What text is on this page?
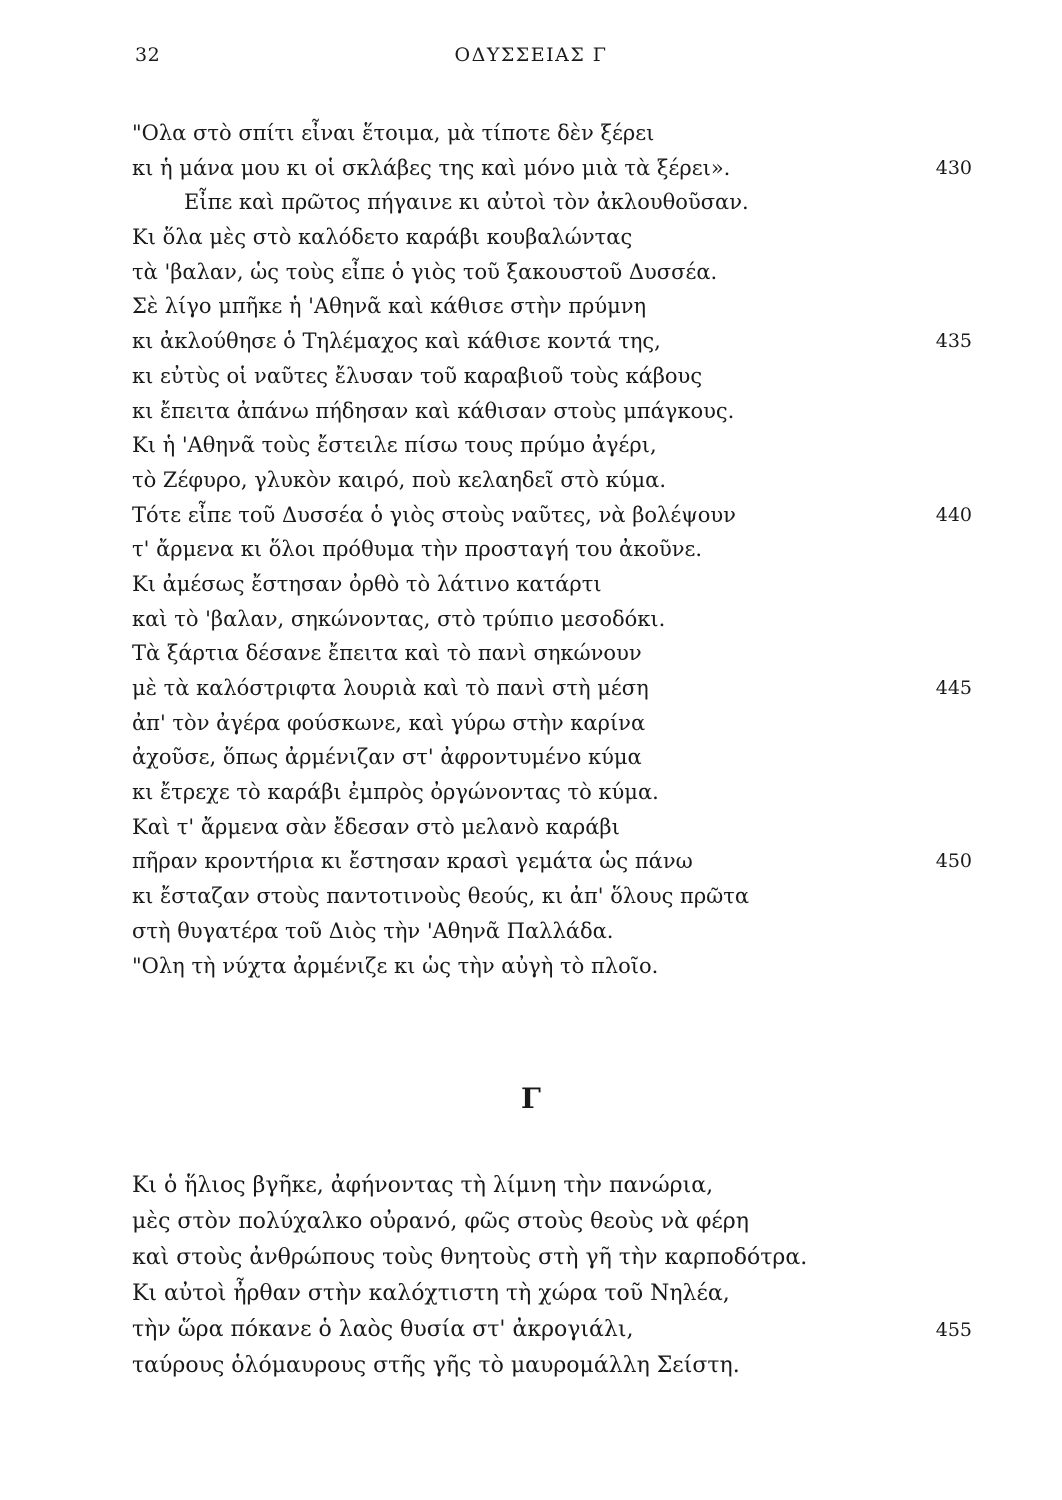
32	ΟΔΥΣΣΕΙΑΣ Γ
"Ολα στὸ σπίτι εἶναι ἕτοιμα, μὰ τίποτε δὲν ξέρει
κι ἡ μάνα μου κι οἱ σκλάβες της καὶ μόνο μιὰ τὰ ξέρει».	430
Εἶπε καὶ πρῶτος πήγαινε κι αὐτοὶ τὸν ἀκλουθοῦσαν.
Κι ὅλα μὲς στὸ καλόδετο καράβι κουβαλώντας
τὰ 'βαλαν, ὡς τοὺς εἶπε ὁ γιὸς τοῦ ξακουστοῦ Δυσσέα.
Σὲ λίγο μπῆκε ἡ 'Αθηνᾶ καὶ κάθισε στὴν πρύμνη
κι ἀκλούθησε ὁ Τηλέμαχος καὶ κάθισε κοντά της,	435
κι εὐτὺς οἱ ναῦτες ἔλυσαν τοῦ καραβιοῦ τοὺς κάβους
κι ἔπειτα ἀπάνω πήδησαν καὶ κάθισαν στοὺς μπάγκους.
Κι ἡ 'Αθηνᾶ τοὺς ἔστειλε πίσω τους πρύμο ἀγέρι,
τὸ Ζέφυρο, γλυκὸν καιρό, ποὺ κελαηδεῖ στὸ κύμα.
Τότε εἶπε τοῦ Δυσσέα ὁ γιὸς στοὺς ναῦτες, νὰ βολέψουν	440
τ' ἄρμενα κι ὅλοι πρόθυμα τὴν προσταγή του ἀκοῦνε.
Κι ἀμέσως ἔστησαν ὀρθὸ τὸ λάτινο κατάρτι
καὶ τὸ 'βαλαν, σηκώνοντας, στὸ τρύπιο μεσοδόκι.
Τὰ ξάρτια δέσανε ἔπειτα καὶ τὸ πανὶ σηκώνουν
μὲ τὰ καλόστριφτα λουριὰ καὶ τὸ πανὶ στὴ μέση	445
ἀπ' τὸν ἀγέρα φούσκωνε, καὶ γύρω στὴν καρίνα
ἀχοῦσε, ὅπως ἀρμένιζαν στ' ἀφροντυμένο κύμα
κι ἔτρεχε τὸ καράβι ἐμπρὸς ὀργώνοντας τὸ κύμα.
Καὶ τ' ἄρμενα σὰν ἔδεσαν στὸ μελανὸ καράβι
πῆραν κροντήρια κι ἔστησαν κρασὶ γεμάτα ὡς πάνω	450
κι ἔσταζαν στοὺς παντοτινοὺς θεούς, κι ἀπ' ὅλους πρῶτα
στὴ θυγατέρα τοῦ Διὸς τὴν 'Αθηνᾶ Παλλάδα.
"Ολη τὴ νύχτα ἀρμένιζε κι ὡς τὴν αὐγὴ τὸ πλοῖο.
Γ
Κι ὁ ἥλιος βγῆκε, ἀφήνοντας τὴ λίμνη τὴν πανώρια,
μὲς στὸν πολύχαλκο οὐρανό, φῶς στοὺς θεοὺς νὰ φέρη
καὶ στοὺς ἀνθρώπους τοὺς θνητοὺς στὴ γῆ τὴν καρποδότρα.
Κι αὐτοὶ ἦρθαν στὴν καλόχτιστη τὴ χώρα τοῦ Νηλέα,
τὴν ὥρα πόκανε ὁ λαὸς θυσία στ' ἀκρογιάλι,	455
ταύρους ὁλόμαυρους στῆς γῆς τὸ μαυρομάλλη Σείστη.
